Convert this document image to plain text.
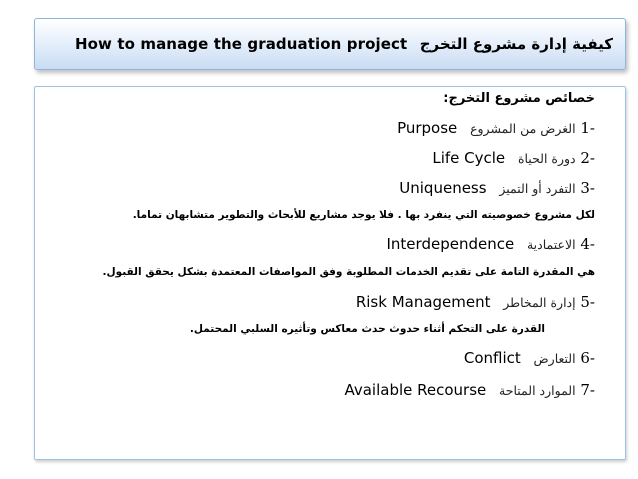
How to manage the graduation project كيفية إدارة مشروع التخرج
خصائص مشروع التخرج:
-1 الغرض من المشروع Purpose
-2 دورة الحياة Life Cycle
-3 التفرد أو التميز Uniqueness
لكل مشروع خصوصيته التي ينفرد بها . فلا يوجد مشاريع للأبحاث والتطوير متشابهان تماما.
-4 الاعتمادية Interdependence
هي المقدرة التامة على تقديم الخدمات المطلوبة وفق المواصفات المعتمدة بشكل يحقق القبول.
-5 إدارة المخاطر Risk Management
القدرة على التحكم أثناء حدوث حدث معاكس وتأثيره السلبي المحتمل.
-6 التعارض Conflict
-7 الموارد المتاحة Available Recourse
